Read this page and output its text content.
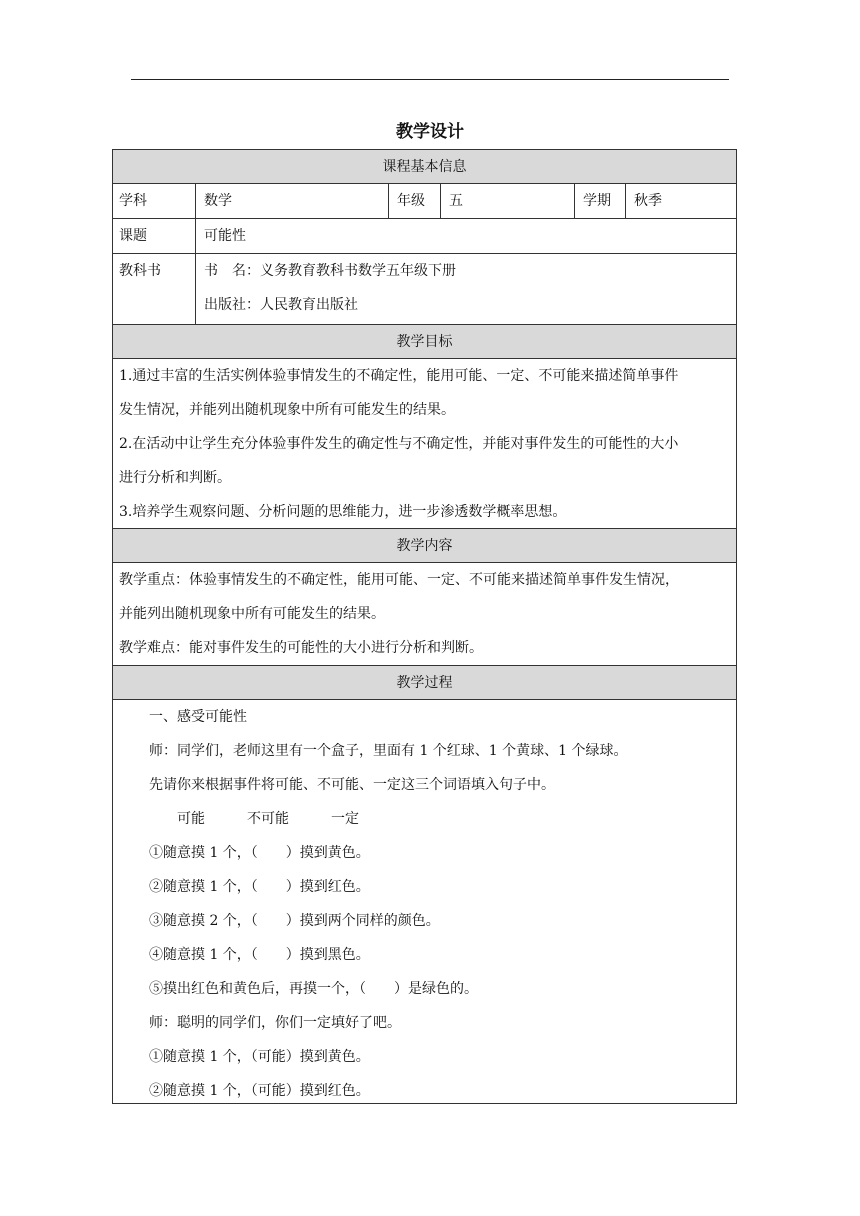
教学设计
课程基本信息
学科	数学	年级	五	学期	秋季
课题	可能性
教科书	书　名：义务教育教科书数学五年级下册
出版社：人民教育出版社
教学目标
1.通过丰富的生活实例体验事情发生的不确定性，能用可能、一定、不可能来描述简单事件
发生情况，并能列出随机现象中所有可能发生的结果。
2.在活动中让学生充分体验事件发生的确定性与不确定性，并能对事件发生的可能性的大小
进行分析和判断。
3.培养学生观察问题、分析问题的思维能力，进一步渗透数学概率思想。
教学内容
教学重点：体验事情发生的不确定性，能用可能、一定、不可能来描述简单事件发生情况，
并能列出随机现象中所有可能发生的结果。
教学难点：能对事件发生的可能性的大小进行分析和判断。
教学过程
一、感受可能性
师：同学们，老师这里有一个盒子，里面有 1 个红球、1 个黄球、1 个绿球。
先请你来根据事件将可能、不可能、一定这三个词语填入句子中。
　　可能　　　不可能　　　一定
①随意摸 1 个，（　　）摸到黄色。
②随意摸 1 个，（　　）摸到红色。
③随意摸 2 个，（　　）摸到两个同样的颜色。
④随意摸 1 个，（　　）摸到黑色。
⑤摸出红色和黄色后，再摸一个，（　　）是绿色的。
师：聪明的同学们，你们一定填好了吧。
①随意摸 1 个，（可能）摸到黄色。
②随意摸 1 个，（可能）摸到红色。
